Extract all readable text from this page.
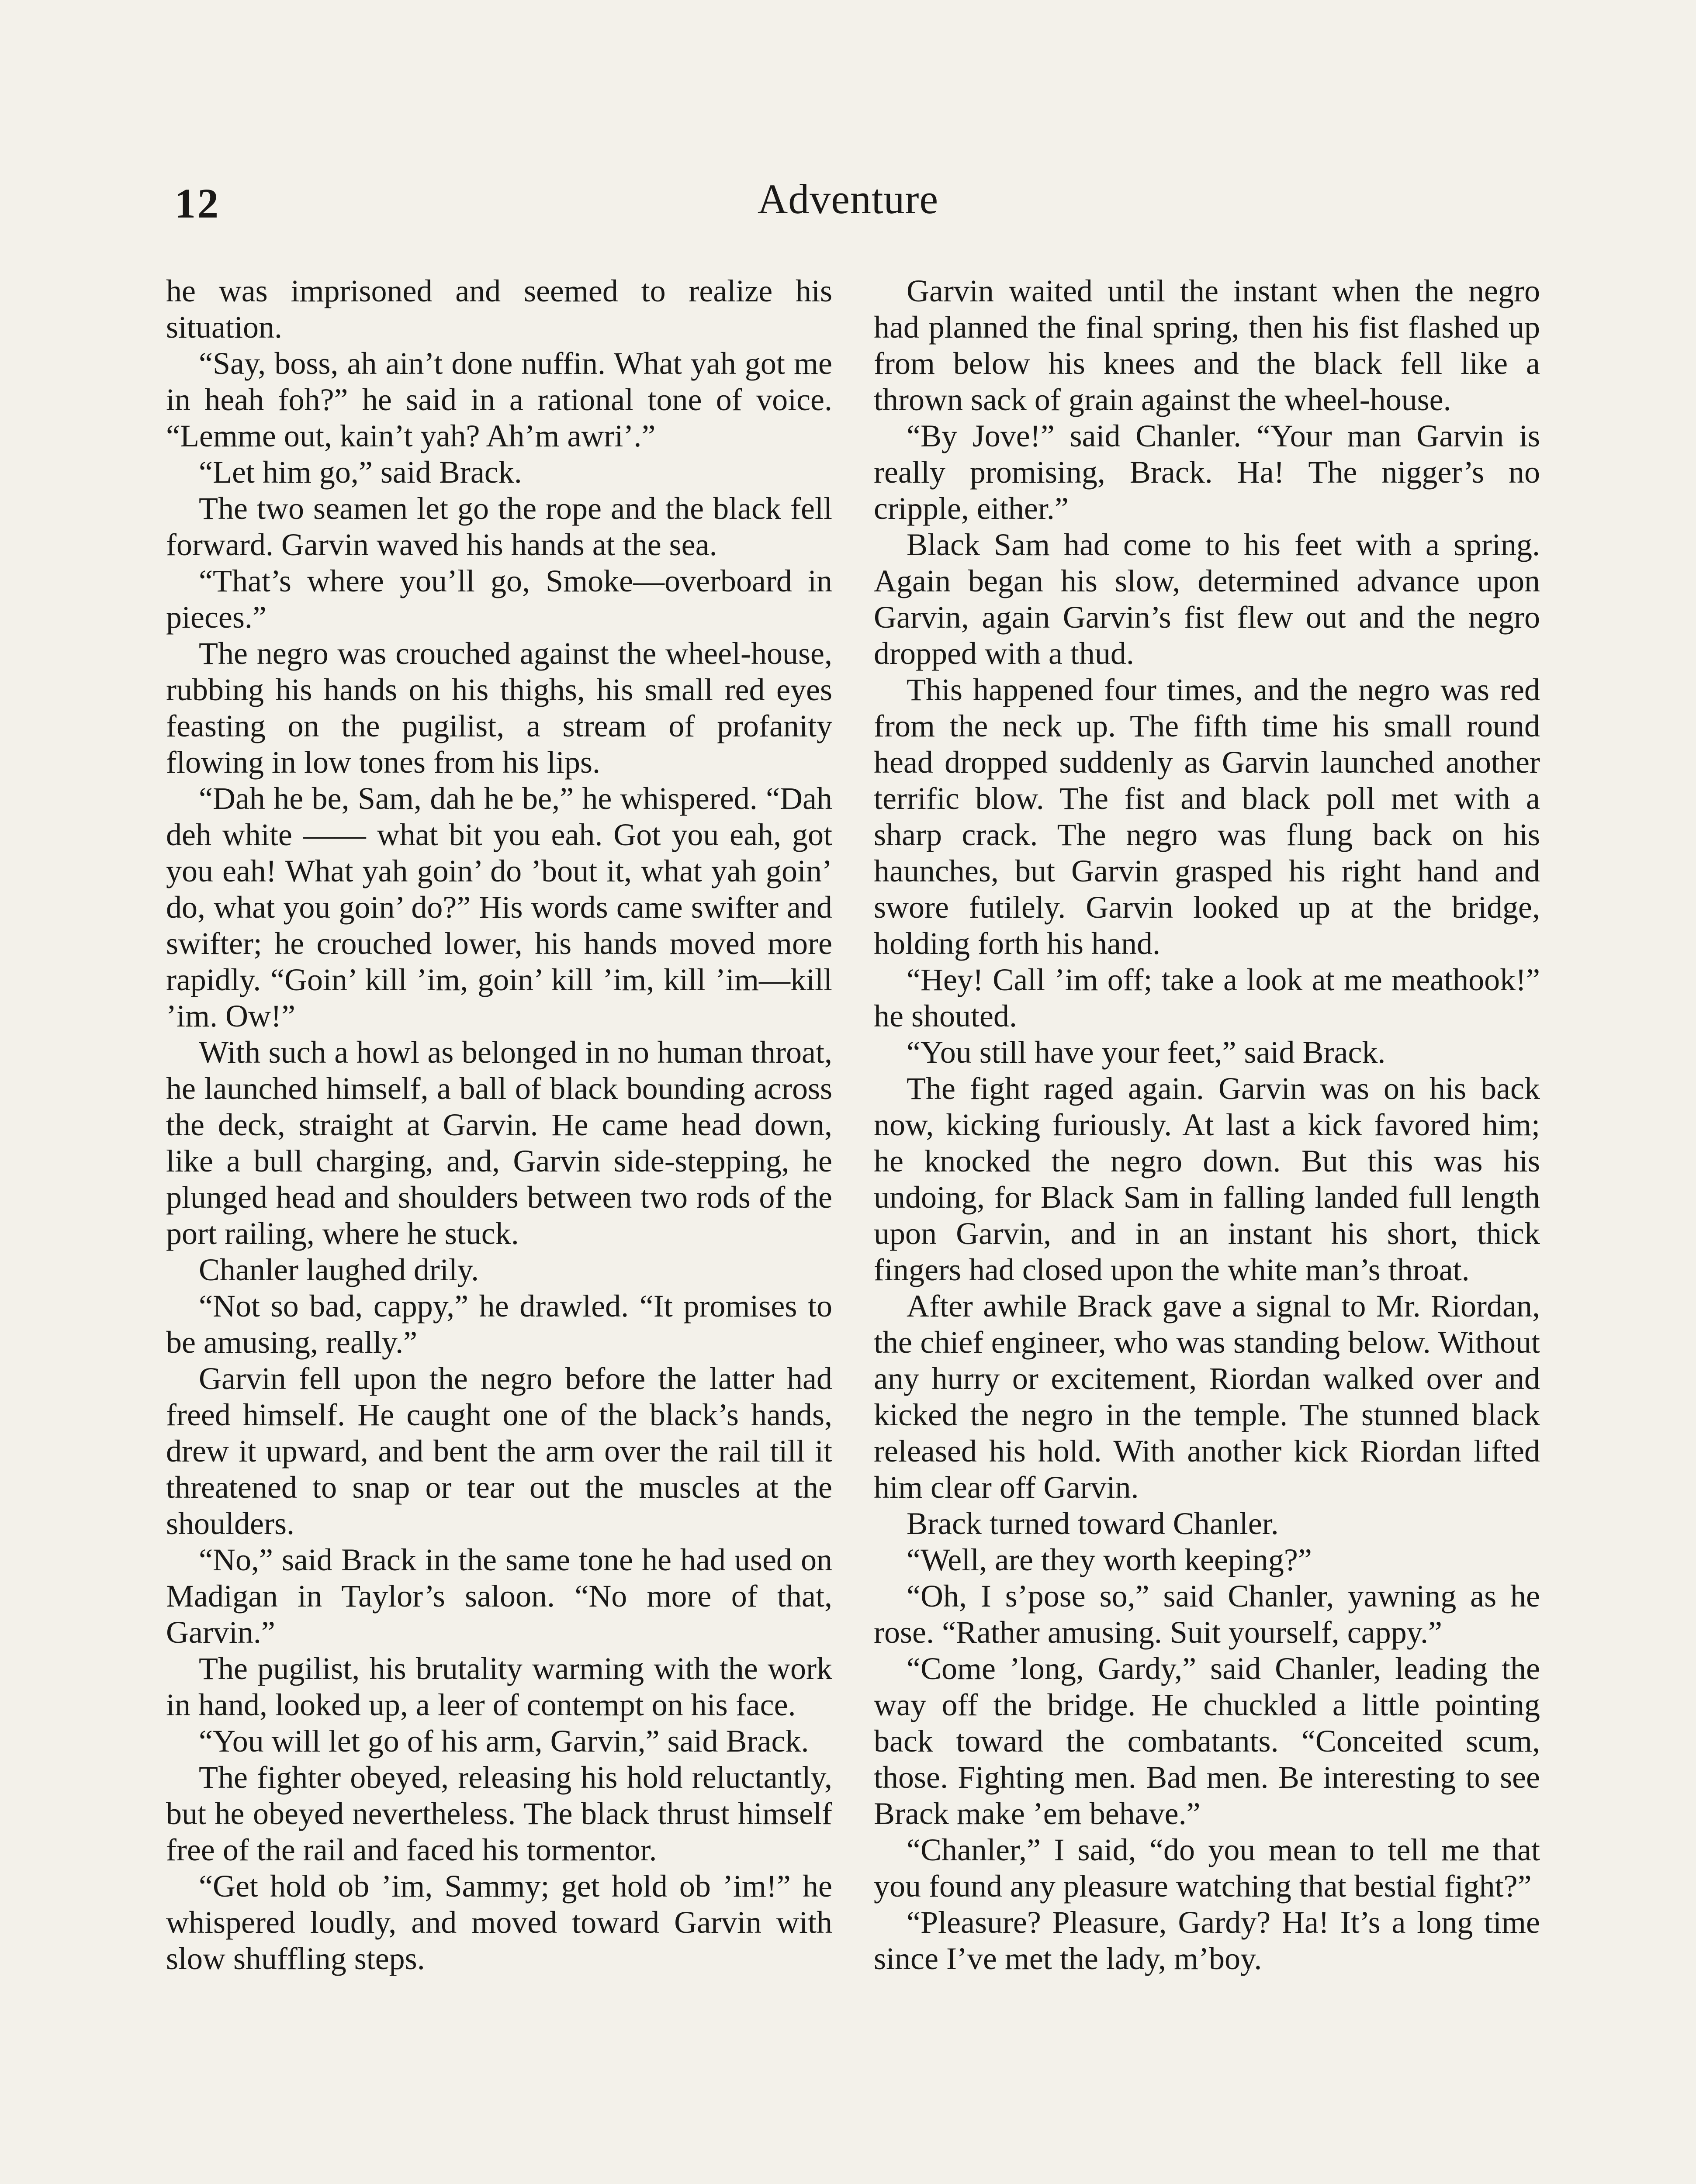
12	Adventure

he was imprisoned and seemed to realize his situation.

“Say, boss, ah ain’t done nuffin. What yah got me in heah foh?” he said in a rational tone of voice. “Lemme out, kain’t yah? Ah’m awri’.”

“Let him go,” said Brack.

The two seamen let go the rope and the black fell forward. Garvin waved his hands at the sea.

“That’s where you’ll go, Smoke—overboard in pieces.”

The negro was crouched against the wheel-house, rubbing his hands on his thighs, his small red eyes feasting on the pugilist, a stream of profanity flowing in low tones from his lips.

“Dah he be, Sam, dah he be,” he whispered. “Dah deh white —— what bit you eah. Got you eah, got you eah! What yah goin’ do ’bout it, what yah goin’ do, what you goin’ do?” His words came swifter and swifter; he crouched lower, his hands moved more rapidly. “Goin’ kill ’im, goin’ kill ’im, kill ’im—kill ’im. Ow!”

With such a howl as belonged in no human throat, he launched himself, a ball of black bounding across the deck, straight at Garvin. He came head down, like a bull charging, and, Garvin side-stepping, he plunged head and shoulders between two rods of the port railing, where he stuck.

Chanler laughed drily.

“Not so bad, cappy,” he drawled. “It promises to be amusing, really.”

Garvin fell upon the negro before the latter had freed himself. He caught one of the black’s hands, drew it upward, and bent the arm over the rail till it threatened to snap or tear out the muscles at the shoulders.

“No,” said Brack in the same tone he had used on Madigan in Taylor’s saloon. “No more of that, Garvin.”

The pugilist, his brutality warming with the work in hand, looked up, a leer of contempt on his face.

“You will let go of his arm, Garvin,” said Brack.

The fighter obeyed, releasing his hold reluctantly, but he obeyed nevertheless. The black thrust himself free of the rail and faced his tormentor.

“Get hold ob ’im, Sammy; get hold ob ’im!” he whispered loudly, and moved toward Garvin with slow shuffling steps.

Garvin waited until the instant when the negro had planned the final spring, then his fist flashed up from below his knees and the black fell like a thrown sack of grain against the wheel-house.

“By Jove!” said Chanler. “Your man Garvin is really promising, Brack. Ha! The nigger’s no cripple, either.”

Black Sam had come to his feet with a spring. Again began his slow, determined advance upon Garvin, again Garvin’s fist flew out and the negro dropped with a thud.

This happened four times, and the negro was red from the neck up. The fifth time his small round head dropped suddenly as Garvin launched another terrific blow. The fist and black poll met with a sharp crack. The negro was flung back on his haunches, but Garvin grasped his right hand and swore futilely. Garvin looked up at the bridge, holding forth his hand.

“Hey! Call ’im off; take a look at me meathook!” he shouted.

“You still have your feet,” said Brack.

The fight raged again. Garvin was on his back now, kicking furiously. At last a kick favored him; he knocked the negro down. But this was his undoing, for Black Sam in falling landed full length upon Garvin, and in an instant his short, thick fingers had closed upon the white man’s throat.

After awhile Brack gave a signal to Mr. Riordan, the chief engineer, who was standing below. Without any hurry or excitement, Riordan walked over and kicked the negro in the temple. The stunned black released his hold. With another kick Riordan lifted him clear off Garvin.

Brack turned toward Chanler.

“Well, are they worth keeping?”

“Oh, I s’pose so,” said Chanler, yawning as he rose. “Rather amusing. Suit yourself, cappy.”

“Come ’long, Gardy,” said Chanler, leading the way off the bridge. He chuckled a little pointing back toward the combatants. “Conceited scum, those. Fighting men. Bad men. Be interesting to see Brack make ’em behave.”

“Chanler,” I said, “do you mean to tell me that you found any pleasure watching that bestial fight?”

“Pleasure? Pleasure, Gardy? Ha! It’s a long time since I’ve met the lady, m’boy.
